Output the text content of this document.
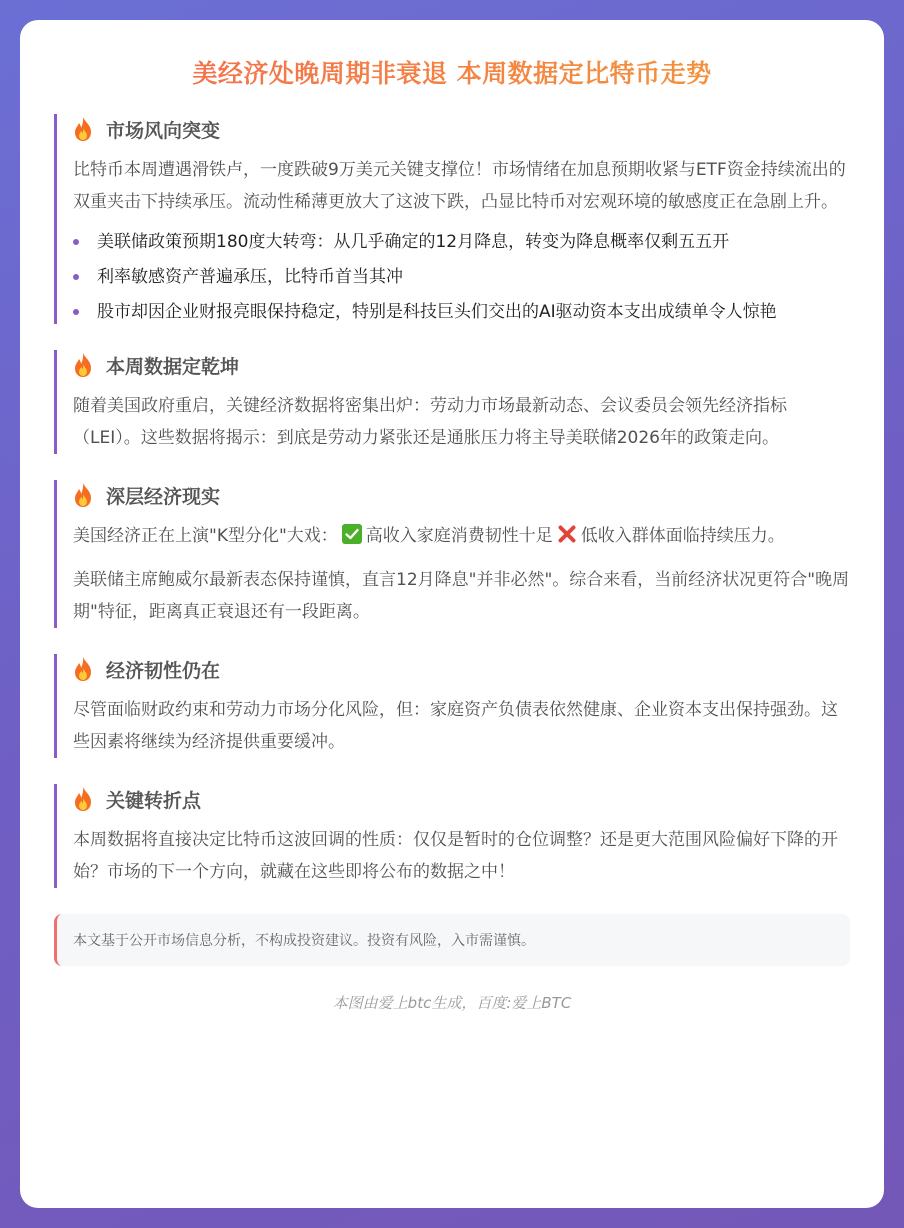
美经济处晚周期非衰退 本周数据定比特币走势
市场风向突变

比特币本周遭遇滑铁卢，一度跌破9万美元关键支撑位！市场情绪在加息预期收紧与ETF资金持续流出的双重夹击下持续承压。流动性稀薄更放大了这波下跌，凸显比特币对宏观环境的敏感度正在急剧上升。

美联储政策预期180度大转弯：从几乎确定的12月降息，转变为降息概率仅剩五五开
利率敏感资产普遍承压，比特币首当其冲
股市却因企业财报亮眼保持稳定，特别是科技巨头们交出的AI驱动资本支出成绩单令人惊艳
本周数据定乾坤

随着美国政府重启，关键经济数据将密集出炉：劳动力市场最新动态、会议委员会领先经济指标（LEI）。这些数据将揭示：到底是劳动力紧张还是通胀压力将主导美联储2026年的政策走向。

深层经济现实

美国经济正在上演"K型分化"大戏： 高收入家庭消费韧性十足 低收入群体面临持续压力。

美联储主席鲍威尔最新表态保持谨慎，直言12月降息"并非必然"。综合来看，当前经济状况更符合"晚周期"特征，距离真正衰退还有一段距离。

经济韧性仍在

尽管面临财政约束和劳动力市场分化风险，但：家庭资产负债表依然健康、企业资本支出保持强劲。这些因素将继续为经济提供重要缓冲。

关键转折点

本周数据将直接决定比特币这波回调的性质：仅仅是暂时的仓位调整？还是更大范围风险偏好下降的开始？市场的下一个方向，就藏在这些即将公布的数据之中！

本文基于公开市场信息分析，不构成投资建议。投资有风险，入市需谨慎。
本图由爱上btc生成，百度:爱上BTC
